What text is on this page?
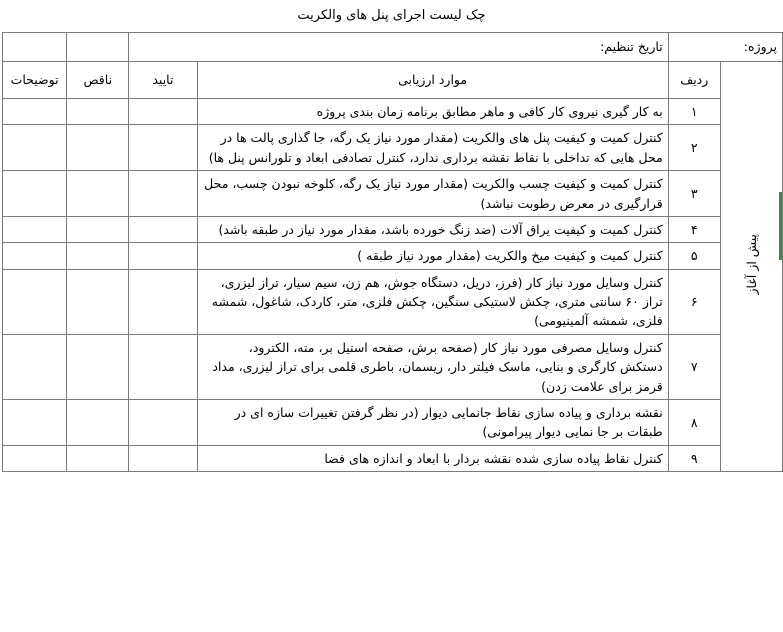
چک لیست اجرای پنل های والکریت
پروژه:		تاریخ تنظیم:			

پیش از آغاز	ردیف	موارد ارزیابی	تایید	ناقص	توضیحات
	۱	به کار گیری نیروی کار کافی و ماهر مطابق برنامه زمان بندی پروژه			
	۲	کنترل کمیت و کیفیت پنل های والکریت (مقدار مورد نیاز یک رگه، جا گذاری پالت ها در محل هایی که تداخلی با نقاط نقشه برداری ندارد، کنترل تصادفی ابعاد و تلورانس پنل ها)			
	۳	کنترل کمیت و کیفیت چسب والکریت (مقدار مورد نیاز یک رگه، کلوخه نبودن چسب، محل قرارگیری در معرض رطوبت نباشد)			
	۴	کنترل کمیت و کیفیت یراق آلات (ضد زنگ خورده باشد، مقدار مورد نیاز در طبقه باشد)			
	۵	کنترل کمیت و کیفیت میخ والکریت (مقدار مورد نیاز طبقه )			
	۶	کنترل وسایل مورد نیاز کار (فرز، دریل، دستگاه جوش، هم زن، سیم سیار، تراز لیزری، تراز ۶۰ سانتی متری، چکش لاستیکی سنگین، چکش فلزی، متر، کاردک، شاغول، شمشه فلزی، شمشه آلمینیومی)			
	۷	کنترل وسایل مصرفی مورد نیاز کار (صفحه برش، صفحه استیل بر، مته، الکترود، دستکش کارگری و بنایی، ماسک فیلتر دار، ریسمان، باطری قلمی برای تراز لیزری، مداد قرمز برای علامت زدن)			
	۸	نقشه برداری و پیاده سازی نقاط جانمایی دیوار (در نظر گرفتن تغییرات سازه ای در طبقات بر جا نمایی دیوار پیرامونی)			
	۹	کنترل نقاط پیاده سازی شده نقشه بردار با ابعاد و اندازه های فضا			
